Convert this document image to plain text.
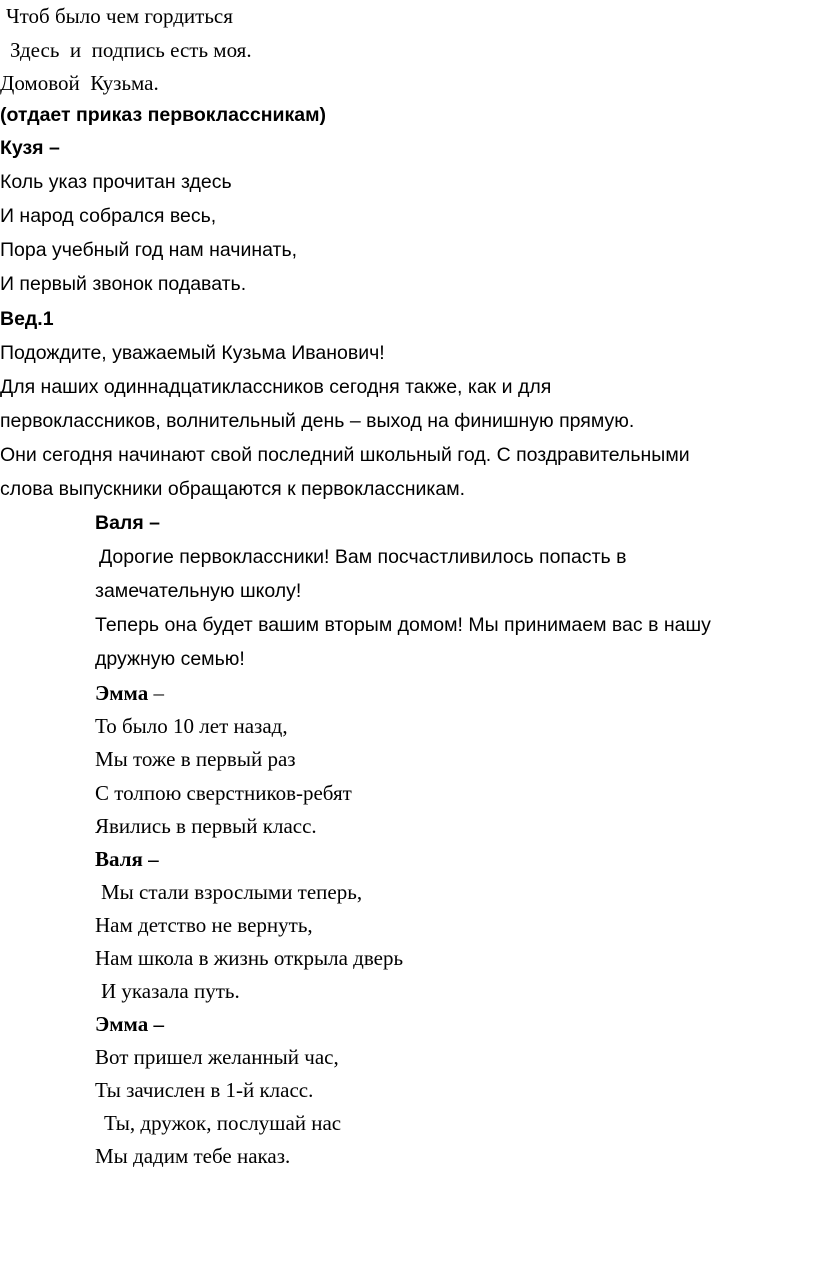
Чтоб было чем гордиться
Здесь  и  подпись есть моя.
Домовой  Кузьма.
(отдает приказ первоклассникам)
Кузя –
Коль указ прочитан здесь
И народ собрался весь,
Пора учебный год нам начинать,
И первый звонок подавать.
Вед.1
Подождите, уважаемый Кузьма Иванович!
Для наших одиннадцатиклассников сегодня также, как и для
первоклассников, волнительный день – выход на финишную прямую.
Они сегодня начинают свой последний школьный год. С поздравительными
слова выпускники обращаются к первоклассникам.
Валя –
Дорогие первоклассники! Вам посчастливилось попасть в
замечательную школу!
Теперь она будет вашим вторым домом! Мы принимаем вас в нашу
дружную семью!
Эмма –
То было 10 лет назад,
Мы тоже в первый раз
С толпою сверстников-ребят
Явились в первый класс.
Валя –
Мы стали взрослыми теперь,
Нам детство не вернуть,
Нам школа в жизнь открыла дверь
И указала путь.
Эмма –
Вот пришел желанный час,
Ты зачислен в 1-й класс.
Ты, дружок, послушай нас
Мы дадим тебе наказ.
